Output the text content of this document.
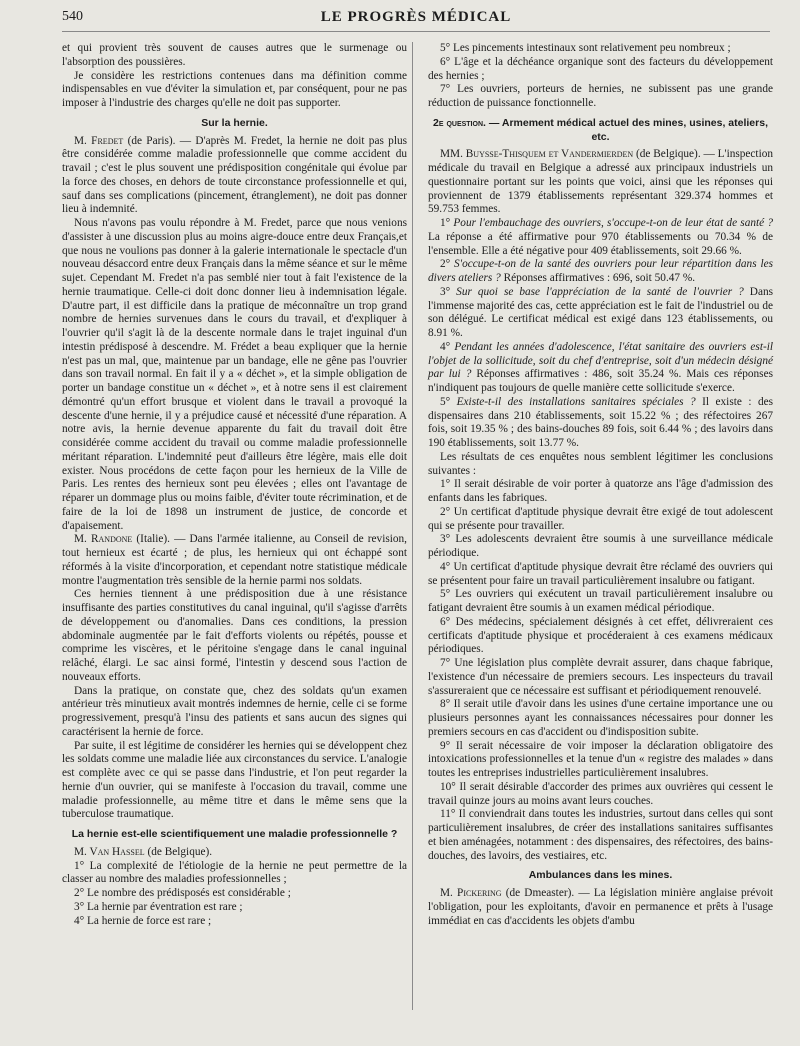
540	LE PROGRÈS MÉDICAL

et qui provient très souvent de causes autres que le surmenage ou l'absorption des poussières.

Je considère les restrictions contenues dans ma définition comme indispensables en vue d'éviter la simulation et, par conséquent, pour ne pas imposer à l'industrie des charges qu'elle ne doit pas supporter.

Sur la hernie.

M. Fredet (de Paris). — D'après M. Fredet, la hernie ne doit pas plus être considérée comme maladie professionnelle que comme accident du travail ; c'est le plus souvent une prédisposition congénitale qui évolue par la force des choses, en dehors de toute circonstance professionnelle et qui, sauf dans ses complications (pincement, étranglement), ne doit pas donner lieu à indemnité.

Nous n'avons pas voulu répondre à M. Fredet, parce que nous venions d'assister à une discussion plus au moins aigre-douce entre deux Français,et que nous ne voulions pas donner à la galerie internationale le spectacle d'un nouveau désaccord entre deux Français dans la même séance et sur le même sujet. Cependant M. Fredet n'a pas semblé nier tout à fait l'existence de la hernie traumatique. Celle-ci doit donc donner lieu à indemnisation légale. D'autre part, il est difficile dans la pratique de méconnaître un trop grand nombre de hernies survenues dans le cours du travail, et d'expliquer à l'ouvrier qu'il s'agit là de la descente normale dans le trajet inguinal d'un intestin prédisposé à descendre. M. Frédet a beau expliquer que la hernie n'est pas un mal, que, maintenue par un bandage, elle ne gêne pas l'ouvrier dans son travail normal. En fait il y a « déchet », et la simple obligation de porter un bandage constitue un « déchet », et à notre sens il est clairement démontré qu'un effort brusque et violent dans le travail a provoqué la descente d'une hernie, il y a préjudice causé et nécessité d'une réparation. A notre avis, la hernie devenue apparente du fait du travail doit être considérée comme accident du travail ou comme maladie professionnelle méritant réparation. L'indemnité peut d'ailleurs être légère, mais elle doit exister. Nous procédons de cette façon pour les hernieux de la Ville de Paris. Les rentes des hernieux sont peu élevées ; elles ont l'avantage de réparer un dommage plus ou moins faible, d'éviter toute récrimination, et de faire de la loi de 1898 un instrument de justice, de concorde et d'apaisement.

M. Randone (Italie). — Dans l'armée italienne, au Conseil de revision, tout hernieux est écarté ; de plus, les hernieux qui ont échappé sont réformés à la visite d'incorporation, et cependant notre statistique médicale montre l'augmentation très sensible de la hernie parmi nos soldats.

Ces hernies tiennent à une prédisposition due à une résistance insuffisante des parties constitutives du canal inguinal, qu'il s'agisse d'arrêts de développement ou d'anomalies. Dans ces conditions, la pression abdominale augmentée par le fait d'efforts violents ou répétés, pousse et comprime les viscères, et le péritoine s'engage dans le canal inguinal relâché, élargi. Le sac ainsi formé, l'intestin y descend sous l'action de nouveaux efforts.

Dans la pratique, on constate que, chez des soldats qu'un examen antérieur très minutieux avait montrés indemnes de hernie, celle ci se forme progressivement, presqu'à l'insu des patients et sans aucun des signes qui caractérisent la hernie de force.

Par suite, il est légitime de considérer les hernies qui se développent chez les soldats comme une maladie liée aux circonstances du service. L'analogie est complète avec ce qui se passe dans l'industrie, et l'on peut regarder la hernie d'un ouvrier, qui se manifeste à l'occasion du travail, comme une maladie professionnelle, au même titre et dans le même sens que la tuberculose traumatique.

La hernie est-elle scientifiquement une maladie professionnelle ?

M. Van Hassel (de Belgique).

1° La complexité de l'étiologie de la hernie ne peut permettre de la classer au nombre des maladies professionnelles ;

2° Le nombre des prédisposés est considérable ;

3° La hernie par éventration est rare ;

4° La hernie de force est rare ;

5° Les pincements intestinaux sont relativement peu nombreux ;

6° L'âge et la déchéance organique sont des facteurs du développement des hernies ;

7° Les ouvriers, porteurs de hernies, ne subissent pas une grande réduction de puissance fonctionnelle.

2e question. — Armement médical actuel des mines, usines, ateliers, etc.

MM. Buysse-Thisquem et Vandermierden (de Belgique). — L'inspection médicale du travail en Belgique a adressé aux principaux industriels un questionnaire portant sur les points que voici, ainsi que les réponses qui proviennent de 1379 établissements représentant 329.374 hommes et 59.753 femmes.

1° Pour l'embauchage des ouvriers, s'occupe-t-on de leur état de santé ? La réponse a été affirmative pour 970 établissements ou 70.34 % de l'ensemble. Elle a été négative pour 409 établissements, soit 29.66 %.

2° S'occupe-t-on de la santé des ouvriers pour leur répartition dans les divers ateliers ? Réponses affirmatives : 696, soit 50.47 %.

3° Sur quoi se base l'appréciation de la santé de l'ouvrier ? Dans l'immense majorité des cas, cette appréciation est le fait de l'industriel ou de son délégué. Le certificat médical est exigé dans 123 établissements, ou 8.91 %.

4° Pendant les années d'adolescence, l'état sanitaire des ouvriers est-il l'objet de la sollicitude, soit du chef d'entreprise, soit d'un médecin désigné par lui ? Réponses affirmatives : 486, soit 35.24 %. Mais ces réponses n'indiquent pas toujours de quelle manière cette sollicitude s'exerce.

5° Existe-t-il des installations sanitaires spéciales ? Il existe : des dispensaires dans 210 établissements, soit 15.22 % ; des réfectoires 267 fois, soit 19.35 % ; des bains-douches 89 fois, soit 6.44 % ; des lavoirs dans 190 établissements, soit 13.77 %.

Les résultats de ces enquêtes nous semblent légitimer les conclusions suivantes :

1° Il serait désirable de voir porter à quatorze ans l'âge d'admission des enfants dans les fabriques.

2° Un certificat d'aptitude physique devrait être exigé de tout adolescent qui se présente pour travailler.

3° Les adolescents devraient être soumis à une surveillance médicale périodique.

4° Un certificat d'aptitude physique devrait être réclamé des ouvriers qui se présentent pour faire un travail particulièrement insalubre ou fatigant.

5° Les ouvriers qui exécutent un travail particulièrement insalubre ou fatigant devraient être soumis à un examen médical périodique.

6° Des médecins, spécialement désignés à cet effet, délivreraient ces certificats d'aptitude physique et procéderaient à ces examens médicaux périodiques.

7° Une législation plus complète devrait assurer, dans chaque fabrique, l'existence d'un nécessaire de premiers secours. Les inspecteurs du travail s'assureraient que ce nécessaire est suffisant et périodiquement renouvelé.

8° Il serait utile d'avoir dans les usines d'une certaine importance une ou plusieurs personnes ayant les connaissances nécessaires pour donner les premiers secours en cas d'accident ou d'indisposition subite.

9° Il serait nécessaire de voir imposer la déclaration obligatoire des intoxications professionnelles et la tenue d'un « registre des malades » dans toutes les entreprises industrielles particulièrement insalubres.

10° Il serait désirable d'accorder des primes aux ouvrières qui cessent le travail quinze jours au moins avant leurs couches.

11° Il conviendrait dans toutes les industries, surtout dans celles qui sont particulièrement insalubres, de créer des installations sanitaires suffisantes et bien aménagées, notamment : des dispensaires, des réfectoires, des bains-douches, des lavoirs, des vestiaires, etc.

Ambulances dans les mines.

M. Pickering (de Dmeaster). — La législation minière anglaise prévoit l'obligation, pour les exploitants, d'avoir en permanence et prêts à l'usage immédiat en cas d'accidents les objets d'ambu
